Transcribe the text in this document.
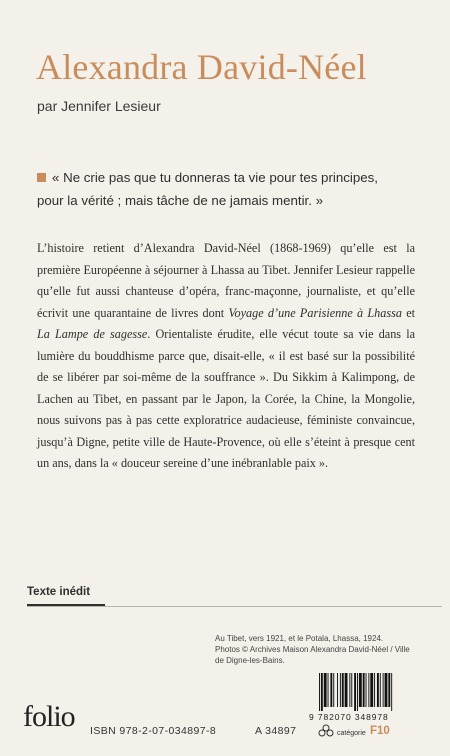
Alexandra David-Néel
par Jennifer Lesieur
« Ne crie pas que tu donneras ta vie pour tes principes,
pour la vérité ; mais tâche de ne jamais mentir. »

L’histoire retient d’Alexandra David-Néel (1868-1969) qu’elle est la première Européenne à séjourner à Lhassa au Tibet. Jennifer Lesieur rappelle qu’elle fut aussi chanteuse d’opéra, franc-maçonne, journaliste, et qu’elle écrivit une quarantaine de livres dont Voyage d’une Parisienne à Lhassa et La Lampe de sagesse. Orientaliste érudite, elle vécut toute sa vie dans la lumière du bouddhisme parce que, disait-elle, « il est basé sur la possibilité de se libérer par soi-même de la souffrance ». Du Sikkim à Kalimpong, de Lachen au Tibet, en passant par le Japon, la Corée, la Chine, la Mongolie, nous suivons pas à pas cette exploratrice audacieuse, féministe convaincue, jusqu’à Digne, petite ville de Haute-Provence, où elle s’éteint à presque cent un ans, dans la « douceur sereine d’une inébranlable paix ».

Texte inédit
Au Tibet, vers 1921, et le Potala, Lhassa, 1924.
Photos © Archives Maison Alexandra David-Néel / Ville
de Digne-les-Bains.
9 782070 348978
folio ISBN 978-2-07-034897-8	A 34897	catégorie F10
